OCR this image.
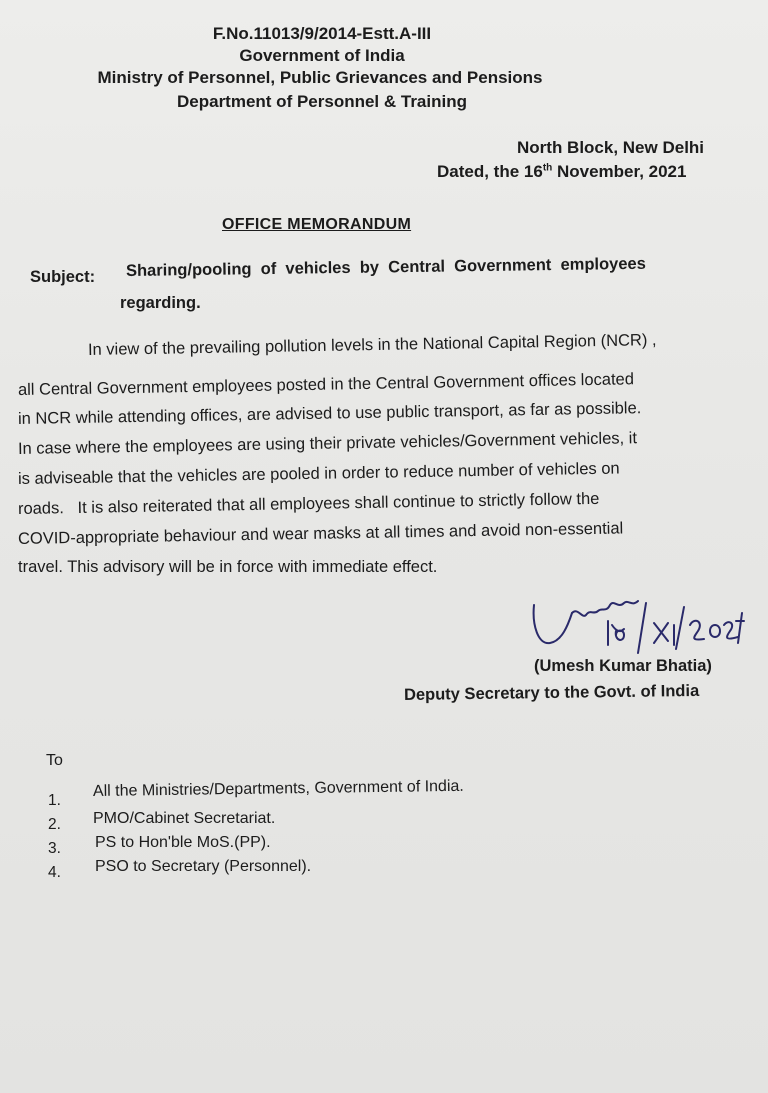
F.No.11013/9/2014-Estt.A-III
Government of India
Ministry of Personnel, Public Grievances and Pensions
Department of Personnel & Training
North Block, New Delhi
Dated, the 16th November, 2021
OFFICE MEMORANDUM
Subject: Sharing/pooling  of  vehicles  by  Central  Government  employees
regarding.
In view of the prevailing pollution levels in the National Capital Region (NCR) ,
all Central Government employees posted in the Central Government offices located
in NCR while attending offices, are advised to use public transport, as far as possible.
In case where the employees are using their private vehicles/Government vehicles, it
is adviseable that the vehicles are pooled in order to reduce number of vehicles on
roads.   It is also reiterated that all employees shall continue to strictly follow the
COVID-appropriate behaviour and wear masks at all times and avoid non-essential
travel. This advisory will be in force with immediate effect.
(Umesh Kumar Bhatia)
Deputy Secretary to the Govt. of India
To
1.
All the Ministries/Departments, Government of India.
2. PMO/Cabinet Secretariat.
3. PS to Hon'ble MoS.(PP).
4. PSO to Secretary (Personnel).
